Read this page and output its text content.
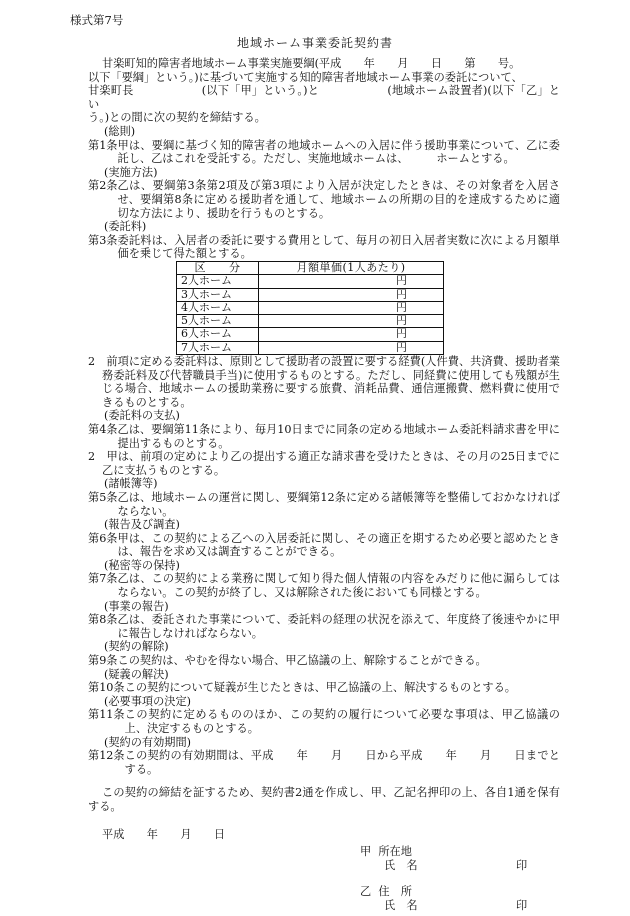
様式第7号
地域ホーム事業委託契約書
甘楽町知的障害者地域ホーム事業実施要綱(平成　　年　　月　　日　　第　　号。
以下「要綱」という。)に基づいて実施する知的障害者地域ホーム事業の委託について、
甘楽町長　　　　　　(以下「甲」という。)と　　　　　　(地域ホーム設置者)(以下「乙」とい
う。)との間に次の契約を締結する。
(総則)
第1条 甲は、要綱に基づく知的障害者の地域ホームへの入居に伴う援助事業について、乙に委託し、乙はこれを受託する。ただし、実施地域ホームは、　　　ホームとする。
(実施方法)
第2条 乙は、要綱第3条第2項及び第3項により入居が決定したときは、その対象者を入居させ、要綱第8条に定める援助者を通して、地域ホームの所期の目的を達成するために適切な方法により、援助を行うものとする。
(委託料)
第3条 委託料は、入居者の委託に要する費用として、毎月の初日入居者実数に次による月額単価を乗じて得た額とする。
区　　分	月額単価(1人あたり)
2人ホーム	円
3人ホーム	円
4人ホーム	円
5人ホーム	円
6人ホーム	円
7人ホーム	円
2　前項に定める委託料は、原則として援助者の設置に要する経費(人件費、共済費、援助者業務委託料及び代替職員手当)に使用するものとする。ただし、同経費に使用しても残額が生じる場合、地域ホームの援助業務に要する旅費、消耗品費、通信運搬費、燃料費に使用できるものとする。
(委託料の支払)
第4条 乙は、要綱第11条により、毎月10日までに同条の定める地域ホーム委託料請求書を甲に提出するものとする。
2　甲は、前項の定めにより乙の提出する適正な請求書を受けたときは、その月の25日までに乙に支払うものとする。
(諸帳簿等)
第5条 乙は、地域ホームの運営に関し、要綱第12条に定める諸帳簿等を整備しておかなければならない。
(報告及び調査)
第6条 甲は、この契約による乙への入居委託に関し、その適正を期するため必要と認めたときは、報告を求め又は調査することができる。
(秘密等の保持)
第7条 乙は、この契約による業務に関して知り得た個人情報の内容をみだりに他に漏らしてはならない。この契約が終了し、又は解除された後においても同様とする。
(事業の報告)
第8条 乙は、委託された事業について、委託料の経理の状況を添えて、年度終了後速やかに甲に報告しなければならない。
(契約の解除)
第9条 この契約は、やむを得ない場合、甲乙協議の上、解除することができる。
(疑義の解決)
第10条 この契約について疑義が生じたときは、甲乙協議の上、解決するものとする。
(必要事項の決定)
第11条 この契約に定めるもののほか、この契約の履行について必要な事項は、甲乙協議の上、決定するものとする。
(契約の有効期間)
第12条 この契約の有効期間は、平成　　年　　月　　日から平成　　年　　月　　日までとする。
この契約の締結を証するため、契約書2通を作成し、甲、乙記名押印の上、各自1通を保有する。
平成　　年　　月　　日
甲 所在地
氏　名	印
乙 住　所
氏　名	印
